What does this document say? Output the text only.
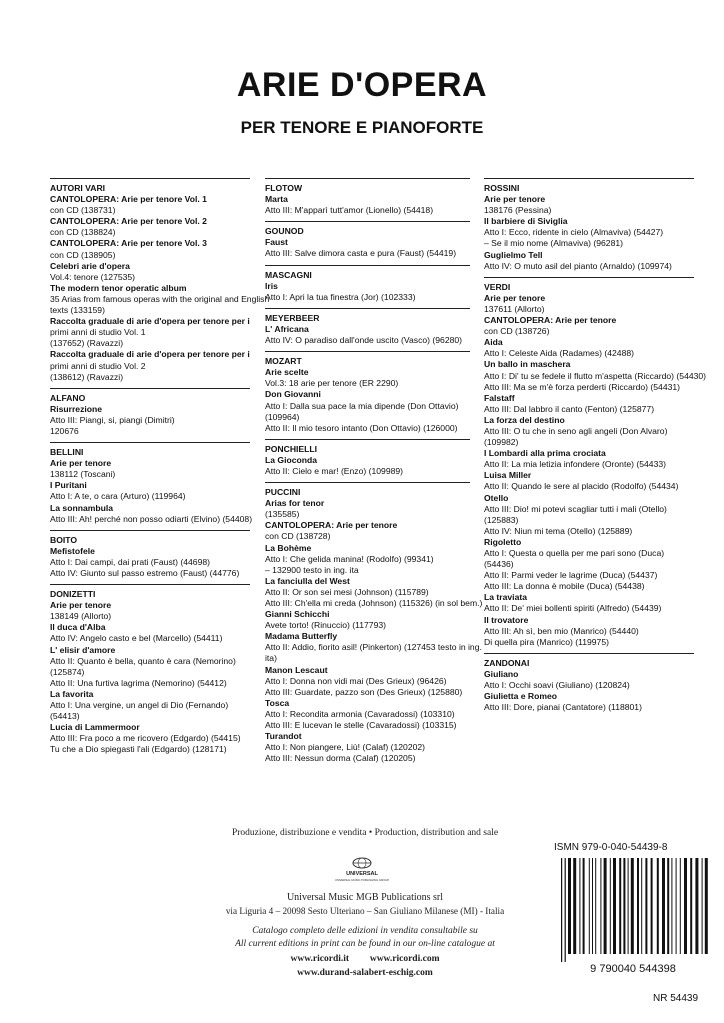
ARIE D'OPERA
PER TENORE E PIANOFORTE
AUTORI VARI
CANTOLOPERA: Arie per tenore Vol. 1
con CD (138731)
CANTOLOPERA: Arie per tenore Vol. 2
con CD (138824)
CANTOLOPERA: Arie per tenore Vol. 3
con CD (138905)
Celebri arie d'opera
Vol.4: tenore (127535)
The modern tenor operatic album
35 Arias from famous operas with the original and English
texts (133159)
Raccolta graduale di arie d'opera per tenore per i
primi anni di studio Vol. 1
(137652) (Ravazzi)
Raccolta graduale di arie d'opera per tenore per i
primi anni di studio Vol. 2
(138612) (Ravazzi)
ALFANO
Risurrezione
Atto III: Piangi, si, piangi (Dimitri)
120676
BELLINI
Arie per tenore
138112 (Toscani)
I Puritani
Atto I: A te, o cara (Arturo) (119964)
La sonnambula
Atto III: Ah! perché non posso odiarti (Elvino) (54408)
BOITO
Mefistofele
Atto I: Dai campi, dai prati (Faust) (44698)
Atto IV: Giunto sul passo estremo (Faust) (44776)
DONIZETTI
Arie per tenore
138149 (Allorto)
Il duca d'Alba
Atto IV: Angelo casto e bel (Marcello) (54411)
L' elisir d'amore
Atto II: Quanto è bella, quanto è cara (Nemorino)
(125874)
Atto II: Una furtiva lagrima (Nemorino) (54412)
La favorita
Atto I: Una vergine, un angel di Dio (Fernando)
(54413)
Lucia di Lammermoor
Atto III: Fra poco a me ricovero (Edgardo) (54415)
Tu che a Dio spiegasti l'ali (Edgardo) (128171)
FLOTOW
Marta
Atto III: M'apparì tutt'amor (Lionello) (54418)
GOUNOD
Faust
Atto III: Salve dimora casta e pura (Faust) (54419)
MASCAGNI
Iris
Atto I: Apri la tua finestra (Jor) (102333)
MEYERBEER
L' Africana
Atto IV: O paradiso dall'onde uscito (Vasco) (96280)
MOZART
Arie scelte
Vol.3: 18 arie per tenore (ER 2290)
Don Giovanni
Atto I: Dalla sua pace la mia dipende (Don Ottavio)
(109964)
Atto II: Il mio tesoro intanto (Don Ottavio) (126000)
PONCHIELLI
La Gioconda
Atto II: Cielo e mar! (Enzo) (109989)
PUCCINI
Arias for tenor
(135585)
CANTOLOPERA: Arie per tenore
con CD (138728)
La Bohème
Atto I: Che gelida manina! (Rodolfo) (99341)
– 132900 testo in ing. ita
La fanciulla del West
Atto II: Or son sei mesi (Johnson) (115789)
Atto III: Ch'ella mi creda (Johnson) (115326) (in sol bem.)
Gianni Schicchi
Avete torto! (Rinuccio) (117793)
Madama Butterfly
Atto II: Addio, fiorito asil! (Pinkerton) (127453 testo in ing.
ita)
Manon Lescaut
Atto I: Donna non vidi mai (Des Grieux) (96426)
Atto III: Guardate, pazzo son (Des Grieux) (125880)
Tosca
Atto I: Recondita armonia (Cavaradossi) (103310)
Atto III: E lucevan le stelle (Cavaradossi) (103315)
Turandot
Atto I: Non piangere, Liù! (Calaf) (120202)
Atto III: Nessun dorma (Calaf) (120205)
ROSSINI
Arie per tenore
138176 (Pessina)
Il barbiere di Siviglia
Atto I: Ecco, ridente in cielo (Almaviva) (54427)
– Se il mio nome (Almaviva) (96281)
Guglielmo Tell
Atto IV: O muto asil del pianto (Arnaldo) (109974)
VERDI
Arie per tenore
137611 (Allorto)
CANTOLOPERA: Arie per tenore
con CD (138726)
Aida
Atto I: Celeste Aida (Radames) (42488)
Un ballo in maschera
Atto I: Di' tu se fedele il flutto m'aspetta (Riccardo) (54430)
Atto III: Ma se m'è forza perderti (Riccardo) (54431)
Falstaff
Atto III: Dal labbro il canto (Fenton) (125877)
La forza del destino
Atto III: O tu che in seno agli angeli (Don Alvaro)
(109982)
I Lombardi alla prima crociata
Atto II: La mia letizia infondere (Oronte) (54433)
Luisa Miller
Atto II: Quando le sere al placido (Rodolfo) (54434)
Otello
Atto III: Dio! mi potevi scagliar tutti i mali (Otello)
(125883)
Atto IV: Niun mi tema (Otello) (125889)
Rigoletto
Atto I: Questa o quella per me pari sono (Duca)
(54436)
Atto II: Parmi veder le lagrime (Duca) (54437)
Atto III: La donna è mobile (Duca) (54438)
La traviata
Atto II: De' miei bollenti spiriti (Alfredo) (54439)
Il trovatore
Atto III: Ah sì, ben mio (Manrico) (54440)
Di quella pira (Manrico) (119975)
ZANDONAI
Giuliano
Atto I: Occhi soavi (Giuliano) (120824)
Giulietta e Romeo
Atto III: Dore, pianai (Cantatore) (118801)
Produzione, distribuzione e vendita • Production, distribution and sale
UNIVERSAL
UNIVERSAL MUSIC PUBLISHING GROUP
Universal Music MGB Publications srl
via Liguria 4 – 20098 Sesto Ulteriano – San Giuliano Milanese (MI) - Italia
Catalogo completo delle edizioni in vendita consultabile su
All current editions in print can be found in our on-line catalogue at
www.ricordi.it www.ricordi.com
www.durand-salabert-eschig.com
ISMN 979-0-040-54439-8
9 790040 544398
NR 54439
